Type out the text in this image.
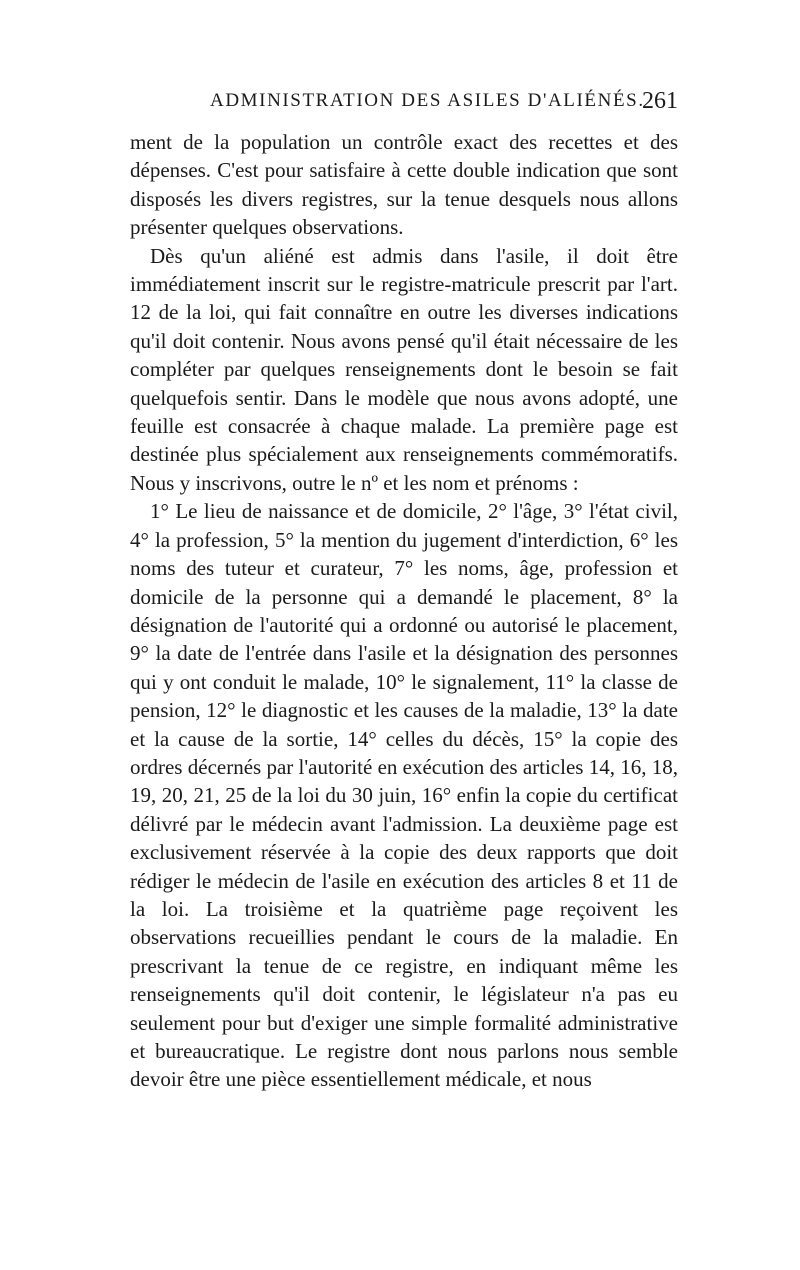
ADMINISTRATION DES ASILES D'ALIÉNÉS.
261

ment de la population un contrôle exact des recettes et des dépenses. C'est pour satisfaire à cette double indication que sont disposés les divers registres, sur la tenue desquels nous allons présenter quelques observations.

Dès qu'un aliéné est admis dans l'asile, il doit être immédiatement inscrit sur le registre-matricule prescrit par l'art. 12 de la loi, qui fait connaître en outre les diverses indications qu'il doit contenir. Nous avons pensé qu'il était nécessaire de les compléter par quelques renseignements dont le besoin se fait quelquefois sentir. Dans le modèle que nous avons adopté, une feuille est consacrée à chaque malade. La première page est destinée plus spécialement aux renseignements commémoratifs. Nous y inscrivons, outre le nº et les nom et prénoms :

1° Le lieu de naissance et de domicile, 2° l'âge, 3° l'état civil, 4° la profession, 5° la mention du jugement d'interdiction, 6° les noms des tuteur et curateur, 7° les noms, âge, profession et domicile de la personne qui a demandé le placement, 8° la désignation de l'autorité qui a ordonné ou autorisé le placement, 9° la date de l'entrée dans l'asile et la désignation des personnes qui y ont conduit le malade, 10° le signalement, 11° la classe de pension, 12° le diagnostic et les causes de la maladie, 13° la date et la cause de la sortie, 14° celles du décès, 15° la copie des ordres décernés par l'autorité en exécution des articles 14, 16, 18, 19, 20, 21, 25 de la loi du 30 juin, 16° enfin la copie du certificat délivré par le médecin avant l'admission. La deuxième page est exclusivement réservée à la copie des deux rapports que doit rédiger le médecin de l'asile en exécution des articles 8 et 11 de la loi. La troisième et la quatrième page reçoivent les observations recueillies pendant le cours de la maladie. En prescrivant la tenue de ce registre, en indiquant même les renseignements qu'il doit contenir, le législateur n'a pas eu seulement pour but d'exiger une simple formalité administrative et bureaucratique. Le registre dont nous parlons nous semble devoir être une pièce essentiellement médicale, et nous
